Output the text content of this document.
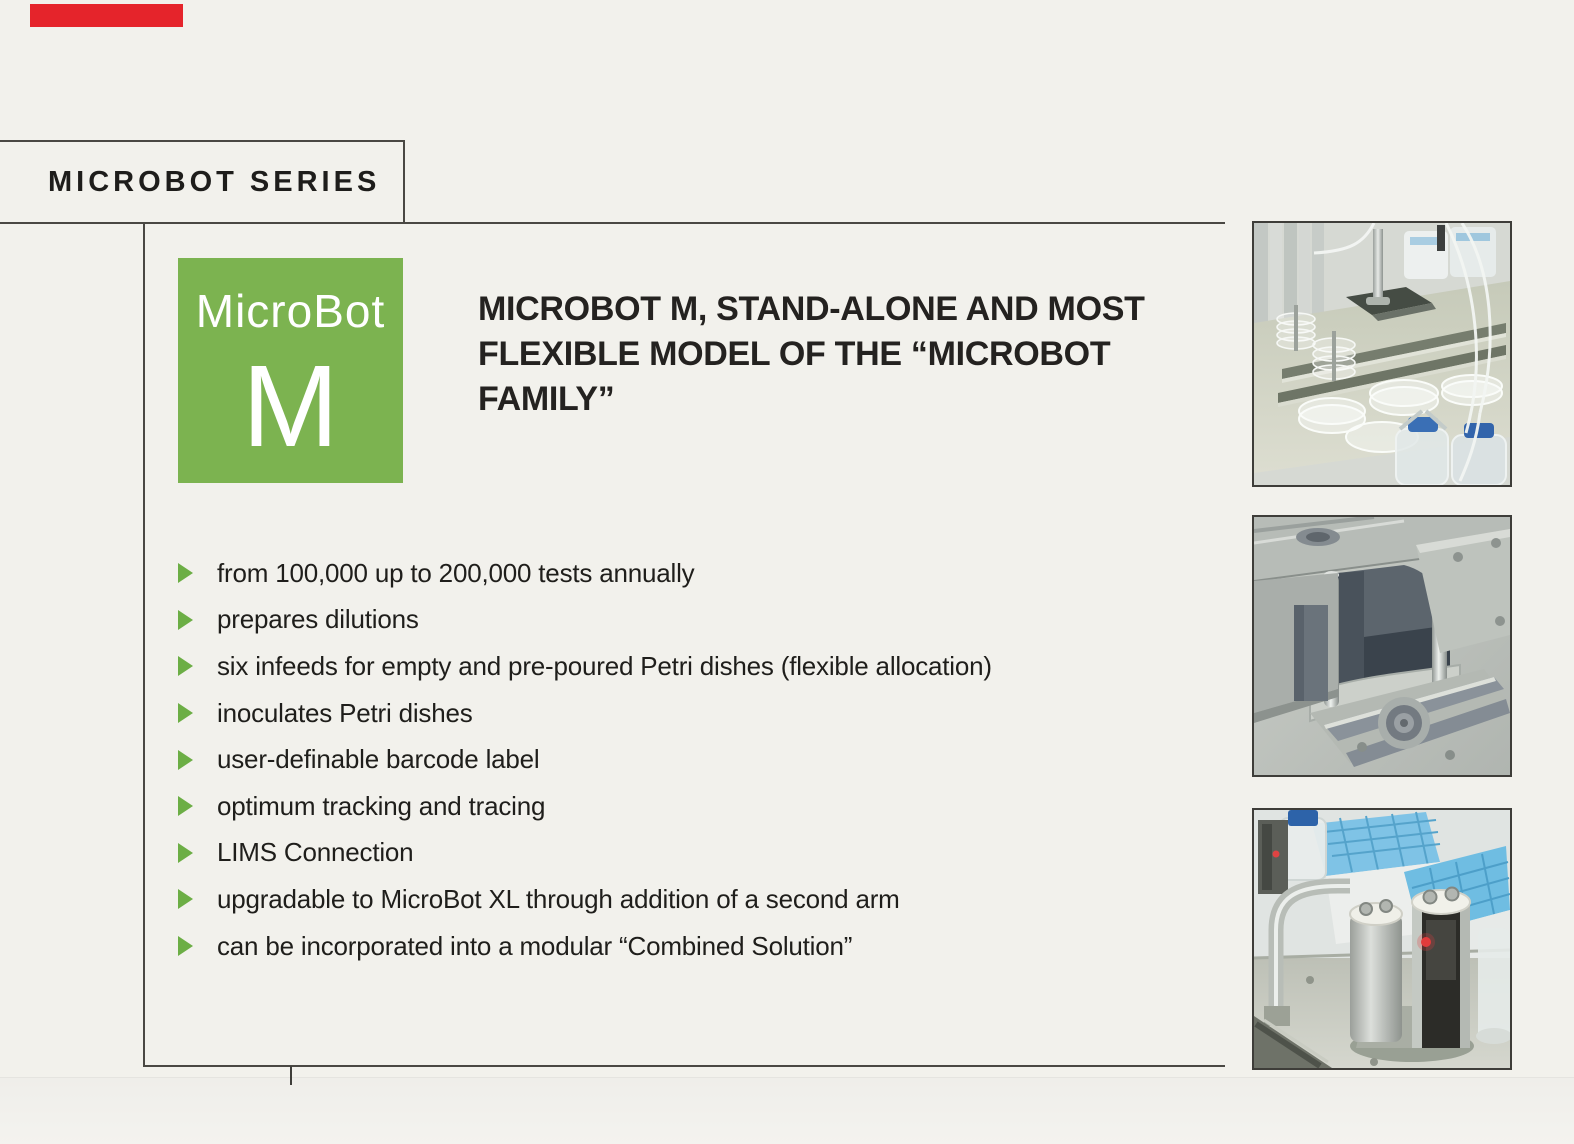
MICROBOT SERIES
MicroBot
M
MICROBOT M, STAND-ALONE AND MOST
FLEXIBLE MODEL OF THE “MICROBOT FAMILY”
from 100,000 up to 200,000 tests annually
prepares dilutions
six infeeds for empty and pre-poured Petri dishes (flexible allocation)
inoculates Petri dishes
user-definable barcode label
optimum tracking and tracing
LIMS Connection
upgradable to MicroBot XL through addition of a second arm
can be incorporated into a modular “Combined Solution”
